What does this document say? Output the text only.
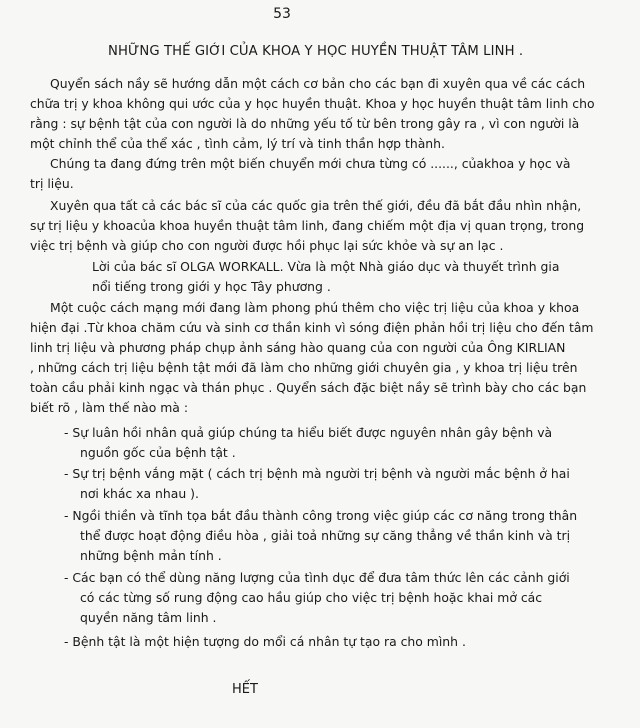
53
NHỮNG THẾ GIỚI CỦA KHOA Y HỌC HUYỀN THUẬT TÂM LINH .
Quyển sách nầy sẽ hướng dẫn một cách cơ bản cho các bạn đi xuyên qua về các cách
chữa trị y khoa không qui ước của y học huyền thuật. Khoa y học huyền thuật tâm linh cho
rằng : sự bệnh tật của con người là do những yếu tố từ bên trong gây ra , vì con người là
một chỉnh thể của thể xác , tình cảm, lý trí và tinh thần hợp thành.
Chúng ta đang đứng trên một biến chuyển mới chưa từng có ......, củakhoa y học và
trị liệu.
Xuyên qua tất cả các bác sĩ của các quốc gia trên thế giới, đều đã bắt đầu nhìn nhận,
sự trị liệu y khoacủa khoa huyền thuật tâm linh, đang chiếm một địa vị quan trọng, trong
việc trị bệnh và giúp cho con người được hồi phục lại sức khỏe và sự an lạc .
Lời của bác sĩ OLGA WORKALL. Vừa là một Nhà giáo dục và thuyết trình gia
nổi tiếng trong giới y học Tây phương .
Một cuộc cách mạng mới đang làm phong phú thêm cho việc trị liệu của khoa y khoa
hiện đại .Từ khoa chăm cứu và sinh cơ thần kinh vì sóng điện phản hồi trị liệu cho đến tâm
linh trị liệu và phương pháp chụp ảnh sáng hào quang của con người của Ông KIRLIAN
, những cách trị liệu bệnh tật mới đã làm cho những giới chuyên gia , y khoa trị liệu trên
toàn cầu phải kinh ngạc và thán phục . Quyển sách đặc biệt nầy sẽ trình bày cho các bạn
biết rõ , làm thế nào mà :
- Sự luân hồi nhân quả giúp chúng ta hiểu biết được nguyên nhân gây bệnh và
nguồn gốc của bệnh tật .
- Sự trị bệnh vắng mặt ( cách trị bệnh mà người trị bệnh và người mắc bệnh ở hai
nơi khác xa nhau ).
- Ngồi thiền và tĩnh tọa bắt đầu thành công trong việc giúp các cơ năng trong thân
thể được hoạt động điều hòa , giải toả những sự căng thẳng về thần kinh và trị
những bệnh mản tính .
- Các bạn có thể dùng năng lượng của tình dục để đưa tâm thức lên các cảnh giới
có các từng số rung động cao hầu giúp cho việc trị bệnh hoặc khai mở các
quyền năng tâm linh .
- Bệnh tật là một hiện tượng do mổi cá nhân tự tạo ra cho mình .
HẾT
